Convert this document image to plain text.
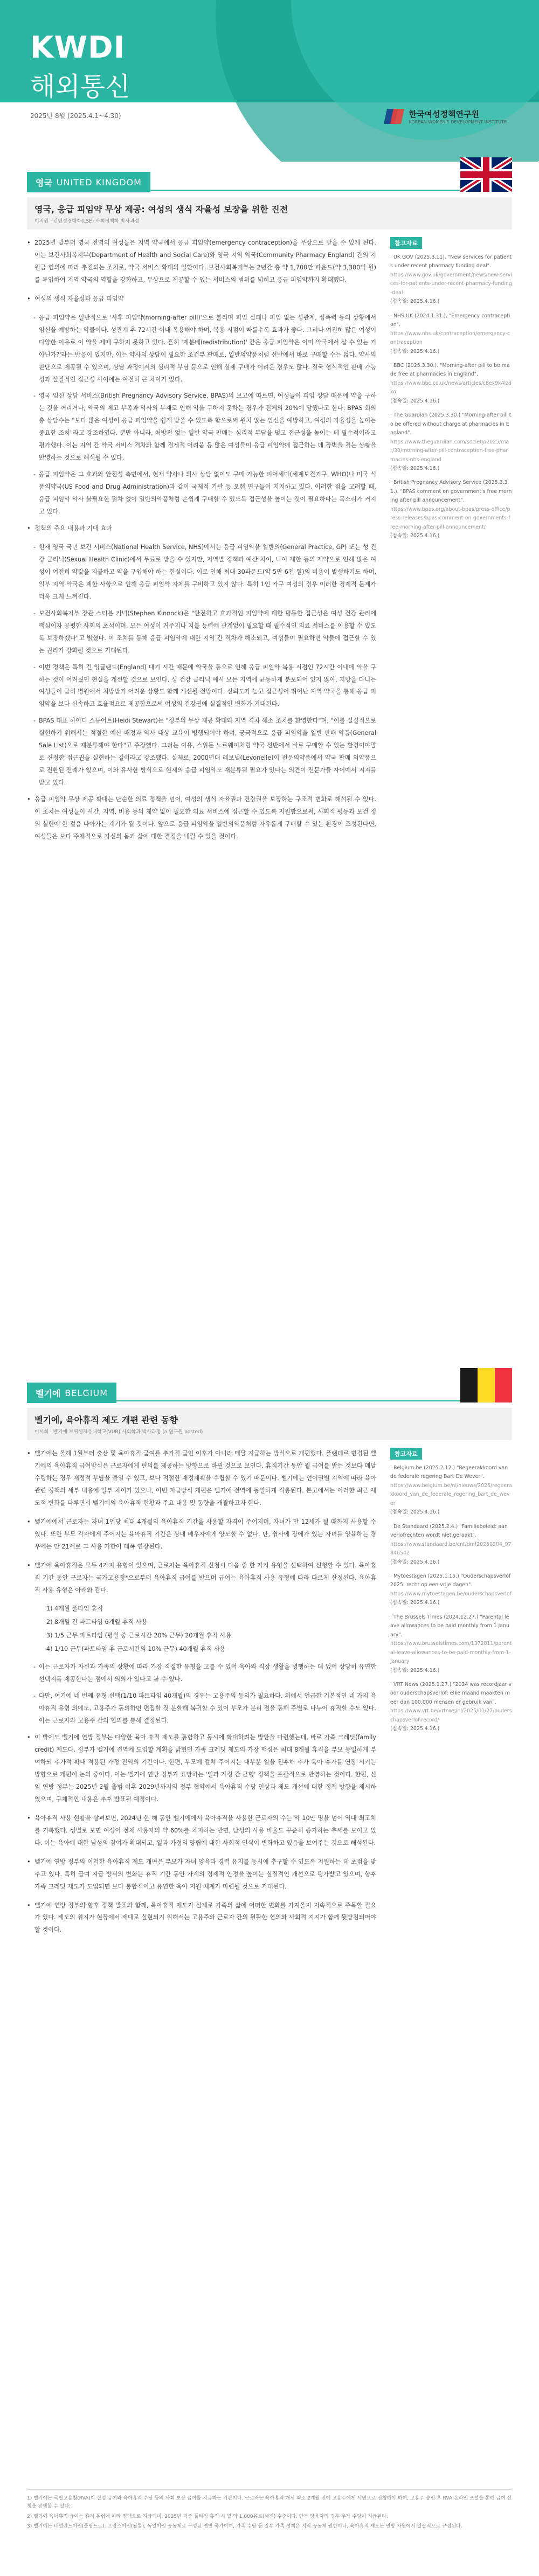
KWDI
해외통신
2025년 8월 (2025.4.1~4.30)	한국여성정책연구원
KOREAN WOMEN'S DEVELOPMENT INSTITUTE
영국 UNITED KINGDOM
영국, 응급 피임약 무상 제공: 여성의 생식 자율성 보장을 위한 진전
이지원 · 런던정경대학(LSE) 사회정책학 박사과정
• 2025년 말부터 영국 전역의 여성들은 지역 약국에서 응급 피임약(emergency contraception)을 무상으로 받을 수 있게 된다. 이는 보건사회복지부(Department of Health and Social Care)와 영국 지역 약국(Community Pharmacy England) 간의 지원금 협의에 따라 추진되는 조치로, 약국 서비스 확대의 일환이다. 보건사회복지부는 2년간 총 약 1,700만 파운드(약 3,300억 원)를 투입하여 지역 약국의 역할을 강화하고, 무상으로 제공할 수 있는 서비스의 범위를 넓히고 응급 피임약까지 확대했다.
• 여성의 생식 자율성과 응급 피임약
- 응급 피임약은 일반적으로 '사후 피임약(morning-after pill)'으로 불리며 피임 실패나 피임 없는 성관계, 성폭력 등의 상황에서 임신을 예방하는 약물이다. 성관계 후 72시간 이내 복용해야 하며, 복용 시점이 빠를수록 효과가 좋다. 그러나 여전히 많은 여성이 다양한 이유로 이 약을 제때 구하지 못하고 있다. 흔히 '재분배(redistribution)' 같은 응급 피임약은 이미 약국에서 살 수 있는 거 아닌가?'라는 반응이 있지만, 이는 약사의 상담이 필요한 조건부 판매로, 일반의약품처럼 선반에서 바로 구매할 수는 없다. 약사의 판단으로 제공될 수 있으며, 상담 과정에서의 심리적 부담 등으로 인해 실제 구매가 어려운 경우도 많다. 결국 형식적인 판매 가능성과 실질적인 접근성 사이에는 여전히 큰 차이가 있다.
- 영국 임신 상담 서비스(British Pregnancy Advisory Service, BPAS)의 보고에 따르면, 여성들이 피임 상담 때문에 약을 구하는 것을 꺼리거나, 약국의 제고 부족과 약사의 부재로 인해 약을 구하지 못하는 경우가 전체의 20%에 달했다고 한다. BPAS 회의 총 상담수는 "보다 많은 여성이 응급 피임약을 쉽게 받을 수 있도록 함으로써 원치 않는 임신을 예방하고, 여성의 자율성을 높이는 중요한 조치"라고 강조하였다. 뿐만 아니라, 처방전 없는 일반 약국 판매는 심리적 부담을 덜고 접근성을 높이는 데 필수적이라고 평가했다. 이는 지역 간 약국 서비스 격차와 함께 경제적 어려움 등 많은 여성들이 응급 피임약에 접근하는 데 장벽을 겪는 상황을 반영하는 것으로 해석될 수 있다.
- 응급 피임약은 그 효과와 안전성 측면에서, 현재 약사나 의사 상담 없이도 구매 가능한 피어세다(세계보건기구, WHO)나 미국 식품의약국(US Food and Drug Administration)과 같이 국제적 기관 등 오랜 연구들이 지지하고 있다. 이러한 점을 고려할 때, 응급 피임약 약사 불필요한 절차 없이 일반의약품처럼 손쉽게 구매할 수 있도록 접근성을 높이는 것이 필요하다는 목소리가 커지고 있다.
• 정책의 주요 내용과 기대 효과
- 현재 영국 국민 보건 서비스(National Health Service, NHS)에서는 응급 피임약을 일반의(General Practice, GP) 또는 성 건강 클리닉(Sexual Health Clinic)에서 무료로 받을 수 있지만, 지역별 정책과 예산 차이, 나이 제한 등의 제약으로 인해 많은 여성이 여전히 약값을 지불하고 약을 구입해야 하는 현실이다. 이로 인해 최대 30파운드(약 5만 6천 원)의 비용이 발생하기도 하며, 일부 지역 약국은 제한 사항으로 인해 응급 피임약 자체를 구비하고 있지 않다. 특히 1인 가구 여성의 경우 이러한 경제적 문제가 더욱 크게 느껴진다.
- 보건사회복지부 장관 스티븐 키넉(Stephen Kinnock)은 "안전하고 효과적인 피임약에 대한 평등한 접근성은 여성 건강 관리에 핵심이자 공평한 사회의 초석이며, 모든 여성이 거주지나 지불 능력에 관계없이 필요할 때 필수적인 의료 서비스를 이용할 수 있도록 보장하겠다"고 밝혔다. 이 조치를 통해 응급 피임약에 대한 지역 간 격차가 해소되고, 여성들이 필요하면 약물에 접근할 수 있는 권리가 강화될 것으로 기대된다.
- 이번 정책은 특히 긴 잉글랜드(England) 대기 시간 때문에 약국을 통으로 인해 응급 피임약 복용 시점인 72시간 이내에 약을 구하는 것이 어려웠던 현실을 개선할 것으로 보인다. 성 건강 클리닉 예시 모든 지역에 균등하게 분포되어 있지 않아, 지방을 다니는 여성들이 급히 병원에서 처방받기 어려운 상황도 함께 개선될 전망이다. 신뢰도가 높고 접근성이 뛰어난 지역 약국을 통해 응급 피임약을 보다 신속하고 효율적으로 제공함으로써 여성의 건강권에 실질적인 변화가 기대된다.
- BPAS 대표 하이디 스튜어트(Heidi Stewart)는 "정부의 무상 제공 확대와 지역 격차 해소 조치를 환영한다"며, "이를 실질적으로 실현하기 위해서는 적절한 예산 배정과 약사 대상 교육이 병행되어야 하며, 궁극적으로 응급 피임약을 일반 판매 약품(General Sale List)으로 재분류해야 한다"고 주장했다. 그러는 이유, 스위든 노르웨이처럼 약국 선반에서 바로 구매할 수 있는 환경이야말로 진정한 접근권을 실현하는 길이라고 강조했다. 실제로, 2000년대 레보넬(Levonelle)이 전문의약품에서 약국 판매 의약품으로 전환된 전례가 있으며, 이와 유사한 방식으로 현재의 응급 피임약도 재분류될 필요가 있다는 의견이 전문가들 사이에서 지지를 받고 있다.
• 응급 피임약 무상 제공 확대는 단순한 의료 정책을 넘어, 여성의 생식 자율권과 건강권을 보장하는 구조적 변화로 해석될 수 있다. 이 조치는 여성들이 시간, 지역, 비용 등의 제약 없이 필요한 의료 서비스에 접근할 수 있도록 지원함으로써, 사회적 평등과 보건 정의 실현에 한 걸음 나아가는 계기가 될 것이다. 앞으로 응급 피임약을 일반의약품처럼 자유롭게 구매할 수 있는 환경이 조성된다면, 여성들은 보다 주체적으로 자신의 몸과 삶에 대한 결정을 내릴 수 있을 것이다.
참고자료
· UK GOV (2025.3.11). "New services for patients under recent pharmacy funding deal".
https://www.gov.uk/government/news/new-services-for-patients-under-recent-pharmacy-funding-deal
(접속일: 2025.4.16.)
· NHS UK (2024.1.31.). "Emergency contraception".
https://www.nhs.uk/contraception/emergency-contraception
(접속일: 2025.4.16.)
· BBC (2025.3.30.). "Morning-after pill to be made free at pharmacies in England".
https://www.bbc.co.uk/news/articles/c8ex9k4lzdxo
(접속일: 2025.4.16.)
· The Guardian (2025.3.30.) "Morning-after pill to be offered without charge at pharmacies in England".
https://www.theguardian.com/society/2025/mar/30/morning-after-pill-contraception-free-pharmacies-nhs-england
(접속일: 2025.4.16.)
· British Pregnancy Advisory Service (2025.3.31.). "BPAS comment on government's free morning after pill announcement".
https://www.bpas.org/about-bpas/press-office/press-releases/bpas-comment-on-governments-free-morning-after-pill-announcement/
(접속일: 2025.4.16.)
벨기에 BELGIUM
벨기에, 육아휴직 제도 개편 관련 동향
이서희 · 벨기에 브뤼셀자유대학교(VUB) 사회학과 박사과정 (a 연구원 posted)
• 벨기에는 올해 1월부터 출산 및 육아휴직 급여를 추가적 급인 이후가 아니라 매달 지급하는 방식으로 개편했다. 플랜데르 변경된 벨기에의 육아휴직 급여방식은 근로자에게 편의를 제공하는 방향으로 바뀐 것으로 보인다. 휴직기간 동안 월 급여를 받는 것보다 매달 수령하는 경우 재정적 부담을 줄일 수 있고, 보다 적절한 재정계획을 수립할 수 있기 때문이다. 벨기에는 언어권별 지역에 따라 육아 관련 정책의 세부 내용에 일부 차이가 있으나, 이번 지급방식 개편은 벨기에 전역에 동일하게 적용된다. 본고에서는 이러한 최근 제도적 변화를 다루면서 벨기에의 육아휴직 현황과 주요 내용 및 동향을 개괄하고자 한다.
• 벨기에에서 근로자는 자녀 1인당 최대 4개월의 육아휴직 기간을 사용할 자격이 주어지며, 자녀가 만 12세가 될 때까지 사용할 수 있다. 또한 부모 각자에게 주어지는 육아휴직 기간은 상대 배우자에게 양도할 수 없다. 단, 쉽사에 장애가 있는 자녀를 양육하는 경우에는 만 21세로 그 사용 기한이 대폭 연장된다.
• 벨기에 육아휴직은 모두 4가지 유형이 있으며, 근로자는 육아휴직 신청시 다음 중 한 가지 유형을 선택하여 신청할 수 있다. 육아휴직 기간 동안 근로자는 국가고용청*으로부터 육아휴직 급여를 받으며 급여는 육아휴직 사용 유형에 따라 다르게 산정된다. 육아휴직 사용 유형은 아래와 같다.
1) 4개월 풀타임 휴직
2) 8개월 간 파트타임 6개월 휴직 사용
3) 1/5 근무 파트타임 (평일 중 근로시간 20% 근무) 20개월 휴직 사용
4) 1/10 근무(파트타임 휴 근로시간의 10% 근무) 40개월 휴직 사용
- 이는 근로자가 자신과 가족의 상황에 따라 가장 적절한 유형을 고를 수 있어 육아와 직장 생활을 병행하는 데 있어 상당히 유연한 선택지를 제공한다는 점에서 의의가 있다고 볼 수 있다.
- 다만, 여기에 네 번째 유형 선택(1/10 파트타임 40개월)의 경우는 고용주의 동의가 필요하다. 위에서 언급한 기본적인 네 가지 육아휴직 유형 외에도, 고용주가 동의하면 편집할 것 분할해 복귀할 수 있어 부모가 분리 점을 통해 주별로 나누어 휴직할 수도 있다. 이는 근로자와 고용주 간의 협의를 통해 결정된다.
• 이 밖에도 벨기에 연방 정부는 다양한 육아 휴직 제도를 통합하고 동시에 확대하려는 방안을 마련했는데, 바로 가족 크레딧(family credit) 제도다. 정부가 벨기에 전역에 도입할 계획을 밝혔던 가족 크레딧 제도의 가장 핵심은 최대 8개월 휴직을 부모 동일하게 부여하되 추가적 확대 적용된 가정 전역의 기간이다. 한편, 부모에 걸쳐 주어지는 대부분 일을 전후해 추가 육아 휴가를 연장 시키는 방향으로 개편이 논의 중이다. 이는 벨기에 연방 정부가 표방하는 '일과 가정 간 균형' 정책을 포괄적으로 반영하는 것이다. 한편, 신임 연방 정부는 2025년 2월 출범 이후 2029년까지의 정부 협약에서 육아휴직 수당 인상과 제도 개선에 대한 정책 방향을 제시하였으며, 구체적인 내용은 추후 발표될 예정이다.
• 육아휴직 사용 현황을 살펴보면, 2024년 한 해 동안 벨기에에서 육아휴직을 사용한 근로자의 수는 약 10만 명을 넘어 역대 최고치를 기록했다. 성별로 보면 여성이 전체 사용자의 약 60%를 차지하는 반면, 남성의 사용 비율도 꾸준히 증가하는 추세를 보이고 있다. 이는 육아에 대한 남성의 참여가 확대되고, 일과 가정의 양립에 대한 사회적 인식이 변화하고 있음을 보여주는 것으로 해석된다.
• 벨기에 연방 정부의 이러한 육아휴직 제도 개편은 부모가 자녀 양육과 경력 유지를 동시에 추구할 수 있도록 지원하는 데 초점을 맞추고 있다. 특히 급여 지급 방식의 변화는 휴직 기간 동안 가계의 경제적 안정을 높이는 실질적인 개선으로 평가받고 있으며, 향후 가족 크레딧 제도가 도입되면 보다 통합적이고 유연한 육아 지원 체계가 마련될 것으로 기대된다.
• 벨기에 연방 정부의 향후 정책 발표와 함께, 육아휴직 제도가 실제로 가족의 삶에 어떠한 변화를 가져올지 지속적으로 주목할 필요가 있다. 제도의 취지가 현장에서 제대로 실현되기 위해서는 고용주와 근로자 간의 원활한 협의와 사회적 지지가 함께 뒷받침되어야 할 것이다.
참고자료
· Belgium.be (2025.2.12.) "Regeerakkoord van de federale regering Bart De Wever".
https://www.belgium.be/nl/nieuws/2025/regeerakkoord_van_de_federale_regering_bart_de_wever
(접속일: 2025.4.16.)
· De Standaard (2025.2.4.) "Familiebeleid: aan verlofrechten wordt niet geraakt".
https://www.standaard.be/cnt/dmf20250204_97846542
(접속일: 2025.4.16.)
· Mytoestagen (2025.1.15.) "Ouderschapsverlof 2025: recht op een vrije dagen".
https://www.mytoestagen.be/ouderschapsverlof
(접속일: 2025.4.16.)
· The Brussels Times (2024.12.27.) "Parental leave allowances to be paid monthly from 1 January".
https://www.brusselstimes.com/1372011/parental-leave-allowances-to-be-paid-monthly-from-1-january
(접속일: 2025.4.16.)
· VRT News (2025.1.27.) "2024 was recordjaar voor ouderschapsverlof: elke maand maakten meer dan 100.000 mensen er gebruik van".
https://www.vrt.be/vrtnws/nl/2025/01/27/ouderschapsverlof-record/
(접속일: 2025.4.16.)

1) 벨기에는 국립고용청(RVA)이 실업 급여와 육아휴직 수당 등의 사회 보장 급여를 지급하는 기관이다. 근로자는 육아휴직 개시 최소 2개월 전에 고용주에게 서면으로 신청해야 하며, 고용주 승인 후 RVA 온라인 포털을 통해 급여 신청을 진행할 수 있다.

2) 벨기에 육아휴직 급여는 휴직 유형에 따라 정액으로 지급되며, 2025년 기준 풀타임 휴직 시 월 약 1,000유로(세전) 수준이다. 단독 양육자의 경우 추가 수당이 지급된다.

3) 벨기에는 네덜란드어권(플랑드르), 프랑스어권(왈롱), 독일어권 공동체로 구성된 연방 국가이며, 가족 수당 등 일부 가족 정책은 지역 공동체 권한이나, 육아휴직 제도는 연방 차원에서 일괄적으로 규정된다.
